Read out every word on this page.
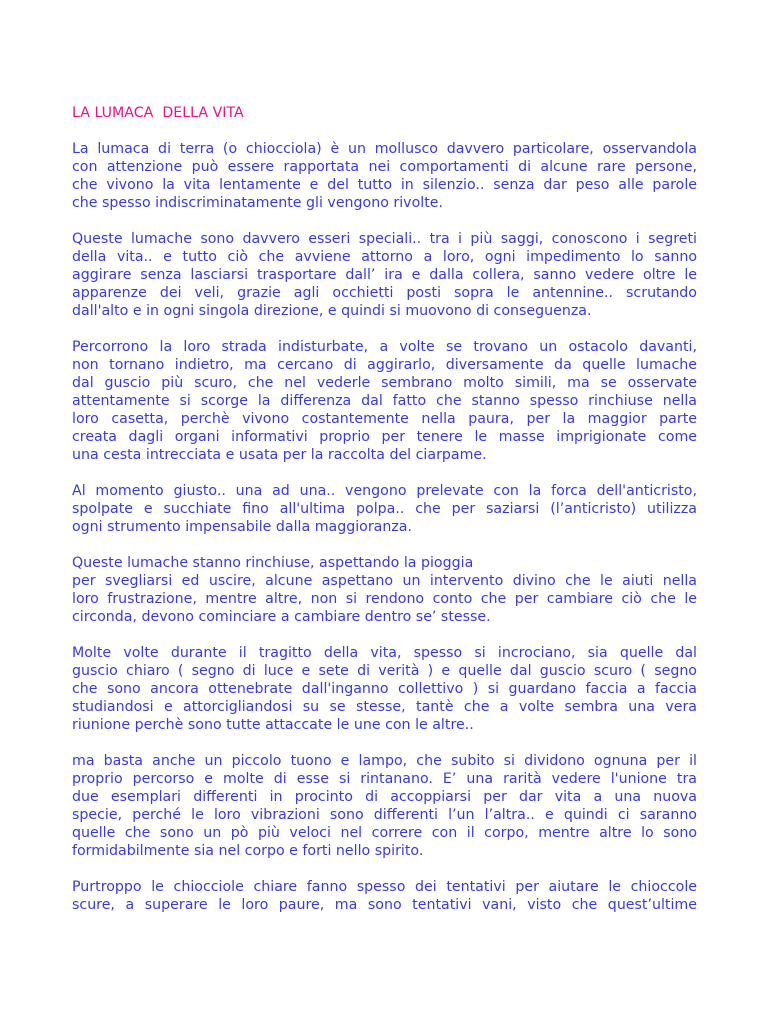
LA LUMACA  DELLA VITA
La lumaca di terra (o chiocciola) è un mollusco davvero particolare, osservandola
con attenzione può essere rapportata nei comportamenti di alcune rare persone,
che vivono la vita lentamente e del tutto in silenzio.. senza dar peso alle parole
che spesso indiscriminatamente gli vengono rivolte.
Queste lumache sono davvero esseri speciali.. tra i più saggi, conoscono i segreti
della vita.. e tutto ciò che avviene attorno a loro, ogni impedimento lo sanno
aggirare senza lasciarsi trasportare dall’ ira e dalla collera, sanno vedere oltre le
apparenze dei veli, grazie agli occhietti posti sopra le antennine.. scrutando
dall'alto e in ogni singola direzione, e quindi si muovono di conseguenza.
Percorrono la loro strada indisturbate, a volte se trovano un ostacolo davanti,
non tornano indietro, ma cercano di aggirarlo, diversamente da quelle lumache
dal guscio più scuro, che nel vederle sembrano molto simili, ma se osservate
attentamente si scorge la differenza dal fatto che stanno spesso rinchiuse nella
loro casetta, perchè vivono costantemente nella paura, per la maggior parte
creata dagli organi informativi proprio per tenere le masse imprigionate come
una cesta intrecciata e usata per la raccolta del ciarpame.
Al momento giusto.. una ad una.. vengono prelevate con la forca dell'anticristo,
spolpate e succhiate fino all'ultima polpa.. che per saziarsi (l’anticristo) utilizza
ogni strumento impensabile dalla maggioranza.
Queste lumache stanno rinchiuse, aspettando la pioggia
per svegliarsi ed uscire, alcune aspettano un intervento divino che le aiuti nella
loro frustrazione, mentre altre, non si rendono conto che per cambiare ciò che le
circonda, devono cominciare a cambiare dentro se’ stesse.
Molte volte durante il tragitto della vita, spesso si incrociano, sia quelle dal
guscio chiaro ( segno di luce e sete di verità ) e quelle dal guscio scuro ( segno
che sono ancora ottenebrate dall'inganno collettivo ) si guardano faccia a faccia
studiandosi e attorcigliandosi su se stesse, tantè che a volte sembra una vera
riunione perchè sono tutte attaccate le une con le altre..
ma basta anche un piccolo tuono e lampo, che subito si dividono ognuna per il
proprio percorso e molte di esse si rintanano. E’ una rarità vedere l'unione tra
due esemplari differenti in procinto di accoppiarsi per dar vita a una nuova
specie, perché le loro vibrazioni sono differenti l’un l’altra.. e quindi ci saranno
quelle che sono un pò più veloci nel correre con il corpo, mentre altre lo sono
formidabilmente sia nel corpo e forti nello spirito.
Purtroppo le chiocciole chiare fanno spesso dei tentativi per aiutare le chioccole
scure, a superare le loro paure, ma sono tentativi vani, visto che quest’ultime
